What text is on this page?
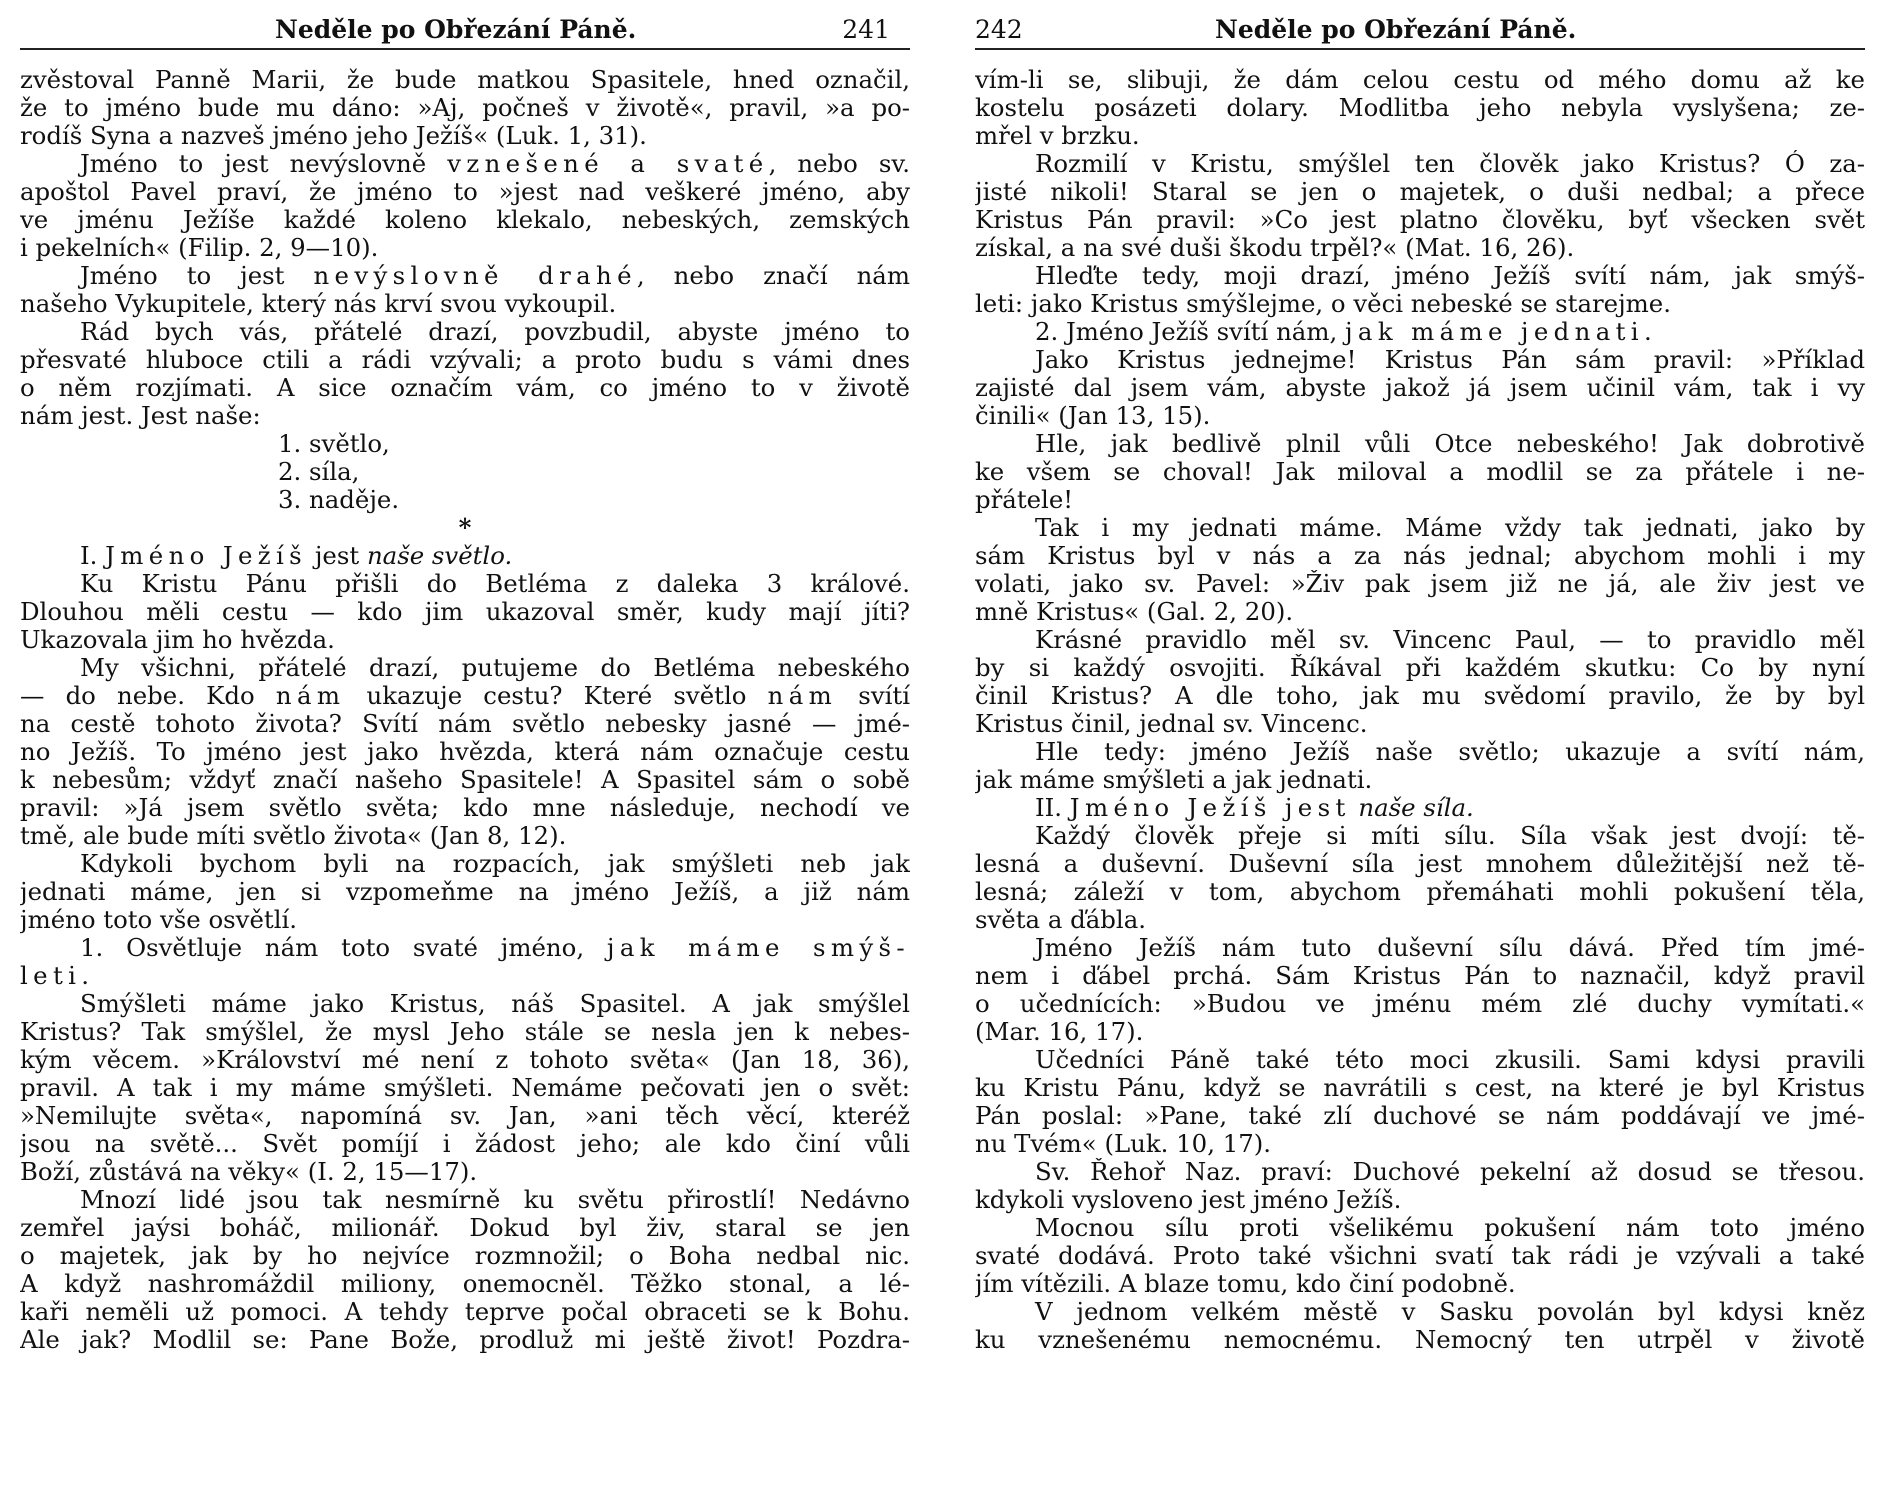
Neděle po Obřezání Páně.	241
zvěstoval Panně Marii, že bude matkou Spasitele, hned označil,
že to jméno bude mu dáno: »Aj, počneš v životě«, pravil, »a po-
rodíš Syna a nazveš jméno jeho Ježíš« (Luk. 1, 31).
Jméno to jest nevýslovně vznešené a svaté, nebo sv.
apoštol Pavel praví, že jméno to »jest nad veškeré jméno, aby
ve jménu Ježíše každé koleno klekalo, nebeských, zemských
i pekelních« (Filip. 2, 9—10).
Jméno to jest nevýslovně drahé, nebo značí nám
našeho Vykupitele, který nás krví svou vykoupil.
Rád bych vás, přátelé drazí, povzbudil, abyste jméno to
přesvaté hluboce ctili a rádi vzývali; a proto budu s vámi dnes
o něm rozjímati. A sice označím vám, co jméno to v životě
nám jest. Jest naše:
1. světlo,
2. síla,
3. naděje.
*
I. Jméno Ježíš jest naše světlo.
Ku Kristu Pánu přišli do Betléma z daleka 3 králové.
Dlouhou měli cestu — kdo jim ukazoval směr, kudy mají jíti?
Ukazovala jim ho hvězda.
My všichni, přátelé drazí, putujeme do Betléma nebeského
— do nebe. Kdo nám ukazuje cestu? Které světlo nám svítí
na cestě tohoto života? Svítí nám světlo nebesky jasné — jmé-
no Ježíš. To jméno jest jako hvězda, která nám označuje cestu
k nebesům; vždyť značí našeho Spasitele! A Spasitel sám o sobě
pravil: »Já jsem světlo světa; kdo mne následuje, nechodí ve
tmě, ale bude míti světlo života« (Jan 8, 12).
Kdykoli bychom byli na rozpacích, jak smýšleti neb jak
jednati máme, jen si vzpomeňme na jméno Ježíš, a již nám
jméno toto vše osvětlí.
1. Osvětluje nám toto svaté jméno, jak máme smýš-
leti.
Smýšleti máme jako Kristus, náš Spasitel. A jak smýšlel
Kristus? Tak smýšlel, že mysl Jeho stále se nesla jen k nebes-
kým věcem. »Království mé není z tohoto světa« (Jan 18, 36),
pravil. A tak i my máme smýšleti. Nemáme pečovati jen o svět:
»Nemilujte světa«, napomíná sv. Jan, »ani těch věcí, kteréž
jsou na světě... Svět pomíjí i žádost jeho; ale kdo činí vůli
Boží, zůstává na věky« (I. 2, 15—17).
Mnozí lidé jsou tak nesmírně ku světu přirostlí! Nedávno
zemřel jaýsi boháč, milionář. Dokud byl živ, staral se jen
o majetek, jak by ho nejvíce rozmnožil; o Boha nedbal nic.
A když nashromáždil miliony, onemocněl. Těžko stonal, a lé-
kaři neměli už pomoci. A tehdy teprve počal obraceti se k Bohu.
Ale jak? Modlil se: Pane Bože, prodluž mi ještě život! Pozdra-
242	Neděle po Obřezání Páně.
vím-li se, slibuji, že dám celou cestu od mého domu až ke
kostelu posázeti dolary. Modlitba jeho nebyla vyslyšena; ze-
mřel v brzku.
Rozmilí v Kristu, smýšlel ten člověk jako Kristus? Ó za-
jisté nikoli! Staral se jen o majetek, o duši nedbal; a přece
Kristus Pán pravil: »Co jest platno člověku, byť všecken svět
získal, a na své duši škodu trpěl?« (Mat. 16, 26).
Hleďte tedy, moji drazí, jméno Ježíš svítí nám, jak smýš-
leti: jako Kristus smýšlejme, o věci nebeské se starejme.
2. Jméno Ježíš svítí nám, jak máme jednati.
Jako Kristus jednejme! Kristus Pán sám pravil: »Příklad
zajisté dal jsem vám, abyste jakož já jsem učinil vám, tak i vy
činili« (Jan 13, 15).
Hle, jak bedlivě plnil vůli Otce nebeského! Jak dobrotivě
ke všem se choval! Jak miloval a modlil se za přátele i ne-
přátele!
Tak i my jednati máme. Máme vždy tak jednati, jako by
sám Kristus byl v nás a za nás jednal; abychom mohli i my
volati, jako sv. Pavel: »Živ pak jsem již ne já, ale živ jest ve
mně Kristus« (Gal. 2, 20).
Krásné pravidlo měl sv. Vincenc Paul, — to pravidlo měl
by si každý osvojiti. Říkával při každém skutku: Co by nyní
činil Kristus? A dle toho, jak mu svědomí pravilo, že by byl
Kristus činil, jednal sv. Vincenc.
Hle tedy: jméno Ježíš naše světlo; ukazuje a svítí nám,
jak máme smýšleti a jak jednati.
II. Jméno Ježíš jest naše síla.
Každý člověk přeje si míti sílu. Síla však jest dvojí: tě-
lesná a duševní. Duševní síla jest mnohem důležitější než tě-
lesná; záleží v tom, abychom přemáhati mohli pokušení těla,
světa a ďábla.
Jméno Ježíš nám tuto duševní sílu dává. Před tím jmé-
nem i ďábel prchá. Sám Kristus Pán to naznačil, když pravil
o učednících: »Budou ve jménu mém zlé duchy vymítati.«
(Mar. 16, 17).
Učedníci Páně také této moci zkusili. Sami kdysi pravili
ku Kristu Pánu, když se navrátili s cest, na které je byl Kristus
Pán poslal: »Pane, také zlí duchové se nám poddávají ve jmé-
nu Tvém« (Luk. 10, 17).
Sv. Řehoř Naz. praví: Duchové pekelní až dosud se třesou.
kdykoli vysloveno jest jméno Ježíš.
Mocnou sílu proti všelikému pokušení nám toto jméno
svaté dodává. Proto také všichni svatí tak rádi je vzývali a také
jím vítězili. A blaze tomu, kdo činí podobně.
V jednom velkém městě v Sasku povolán byl kdysi kněz
ku vznešenému nemocnému. Nemocný ten utrpěl v životě
